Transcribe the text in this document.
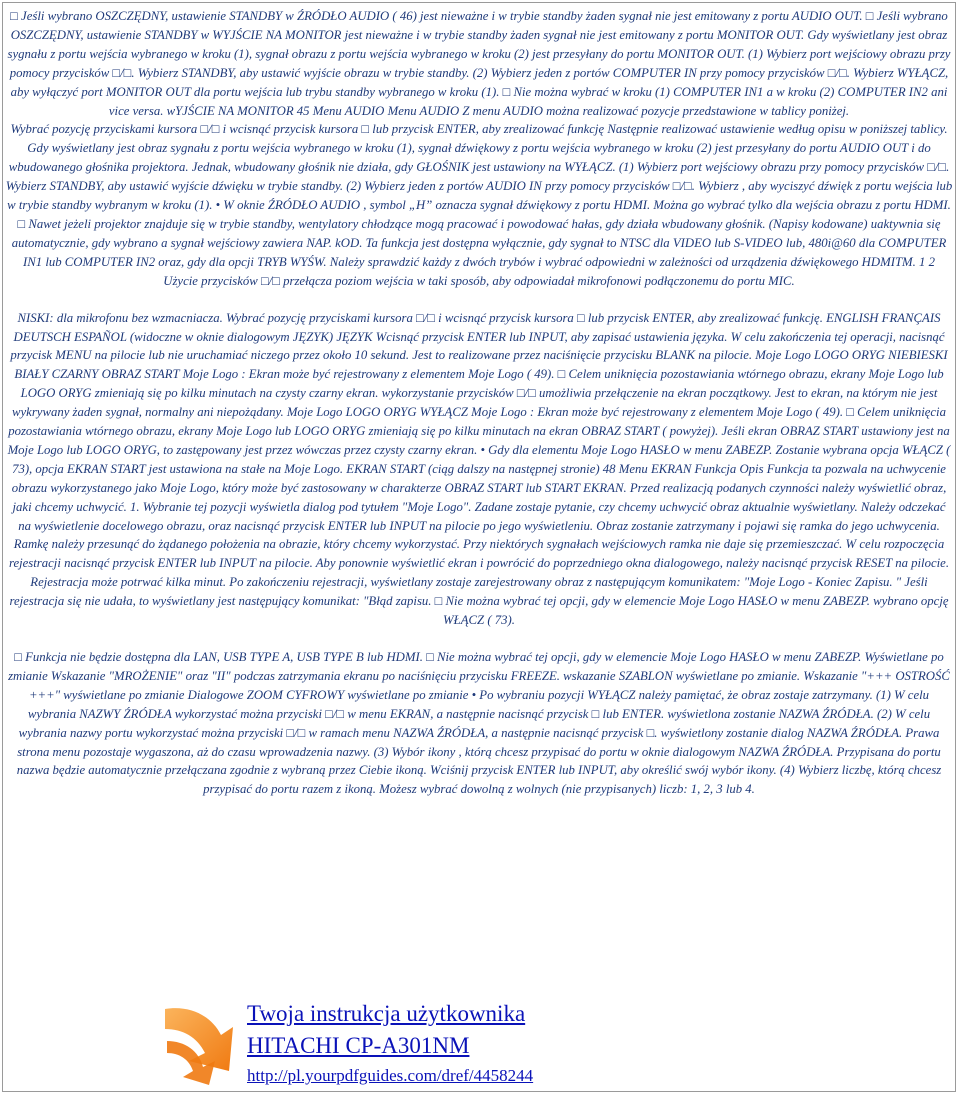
□ Jeśli wybrano OSZCZĘDNY, ustawienie STANDBY w ŹRÓDŁO AUDIO ( 46) jest nieważne i w trybie standby żaden sygnał nie jest emitowany z portu AUDIO OUT. □ Jeśli wybrano OSZCZĘDNY, ustawienie STANDBY w WYJŚCIE NA MONITOR jest nieważne i w trybie standby żaden sygnał nie jest emitowany z portu MONITOR OUT. Gdy wyświetlany jest obraz sygnału z portu wejścia wybranego w kroku (1), sygnał obrazu z portu wejścia wybranego w kroku (2) jest przesyłany do portu MONITOR OUT. (1) Wybierz port wejściowy obrazu przy pomocy przycisków □/□. Wybierz STANDBY, aby ustawić wyjście obrazu w trybie standby. (2) Wybierz jeden z portów COMPUTER IN przy pomocy przycisków □/□. Wybierz WYŁĄCZ, aby wyłączyć port MONITOR OUT dla portu wejścia lub trybu standby wybranego w kroku (1). □ Nie można wybrać w kroku (1) COMPUTER IN1 a w kroku (2) COMPUTER IN2 ani vice versa. wYJŚCIE NA MONITOR 45 Menu AUDIO Menu AUDIO Z menu AUDIO można realizować pozycje przedstawione w tablicy poniżej.

Wybrać pozycję przyciskami kursora □/□ i wcisnąć przycisk kursora □ lub przycisk ENTER, aby zrealizować funkcję Następnie realizować ustawienie według opisu w poniższej tablicy. Gdy wyświetlany jest obraz sygnału z portu wejścia wybranego w kroku (1), sygnał dźwiękowy z portu wejścia wybranego w kroku (2) jest przesyłany do portu AUDIO OUT i do wbudowanego głośnika projektora. Jednak, wbudowany głośnik nie działa, gdy GŁOŚNIK jest ustawiony na WYŁĄCZ. (1) Wybierz port wejściowy obrazu przy pomocy przycisków □/□. Wybierz STANDBY, aby ustawić wyjście dźwięku w trybie standby. (2) Wybierz jeden z portów AUDIO IN przy pomocy przycisków □/□. Wybierz , aby wyciszyć dźwięk z portu wejścia lub w trybie standby wybranym w kroku (1). • W oknie ŹRÓDŁO AUDIO , symbol „H” oznacza sygnał dźwiękowy z portu HDMI. Można go wybrać tylko dla wejścia obrazu z portu HDMI. □ Nawet jeżeli projektor znajduje się w trybie standby, wentylatory chłodzące mogą pracować i powodować hałas, gdy działa wbudowany głośnik. (Napisy kodowane) uaktywnia się automatycznie, gdy wybrano a sygnał wejściowy zawiera NAP. kOD. Ta funkcja jest dostępna wyłącznie, gdy sygnał to NTSC dla VIDEO lub S-VIDEO lub, 480i@60 dla COMPUTER IN1 lub COMPUTER IN2 oraz, gdy dla opcji TRYB WYŚW. Należy sprawdzić każdy z dwóch trybów i wybrać odpowiedni w zależności od urządzenia dźwiękowego HDMITM. 1 2 Użycie przycisków □/□ przełącza poziom wejścia w taki sposób, aby odpowiadał mikrofonowi podłączonemu do portu MIC.

NISKI: dla mikrofonu bez wzmacniacza. Wybrać pozycję przyciskami kursora □/□ i wcisnąć przycisk kursora □ lub przycisk ENTER, aby zrealizować funkcję. ENGLISH FRANÇAIS DEUTSCH ESPAÑOL (widoczne w oknie dialogowym JĘZYK) JĘZYK Wcisnąć przycisk ENTER lub INPUT, aby zapisać ustawienia języka. W celu zakończenia tej operacji, nacisnąć przycisk MENU na pilocie lub nie uruchamiać niczego przez około 10 sekund. Jest to realizowane przez naciśnięcie przycisku BLANK na pilocie. Moje Logo LOGO ORYG NIEBIESKI BIAŁY CZARNY OBRAZ START Moje Logo : Ekran może być rejestrowany z elementem Moje Logo ( 49). □ Celem uniknięcia pozostawiania wtórnego obrazu, ekrany Moje Logo lub LOGO ORYG zmieniają się po kilku minutach na czysty czarny ekran. wykorzystanie przycisków □/□ umożliwia przełączenie na ekran początkowy. Jest to ekran, na którym nie jest wykrywany żaden sygnał, normalny ani niepożądany. Moje Logo LOGO ORYG WYŁĄCZ Moje Logo : Ekran może być rejestrowany z elementem Moje Logo ( 49). □ Celem uniknięcia pozostawiania wtórnego obrazu, ekrany Moje Logo lub LOGO ORYG zmieniają się po kilku minutach na ekran OBRAZ START ( powyżej). Jeśli ekran OBRAZ START ustawiony jest na Moje Logo lub LOGO ORYG, to zastępowany jest przez wówczas przez czysty czarny ekran. • Gdy dla elementu Moje Logo HASŁO w menu ZABEZP. Zostanie wybrana opcja WŁĄCZ ( 73), opcja EKRAN START jest ustawiona na stałe na Moje Logo. EKRAN START (ciąg dalszy na następnej stronie) 48 Menu EKRAN Funkcja Opis Funkcja ta pozwala na uchwycenie obrazu wykorzystanego jako Moje Logo, który może być zastosowany w charakterze OBRAZ START lub START EKRAN. Przed realizacją podanych czynności należy wyświetlić obraz, jaki chcemy uchwycić. 1. Wybranie tej pozycji wyświetla dialog pod tytułem "Moje Logo". Zadane zostaje pytanie, czy chcemy uchwycić obraz aktualnie wyświetlany. Należy odczekać na wyświetlenie docelowego obrazu, oraz nacisnąć przycisk ENTER lub INPUT na pilocie po jego wyświetleniu. Obraz zostanie zatrzymany i pojawi się ramka do jego uchwycenia. Ramkę należy przesunąć do żądanego położenia na obrazie, który chcemy wykorzystać. Przy niektórych sygnałach wejściowych ramka nie daje się przemieszczać. W celu rozpoczęcia rejestracji nacisnąć przycisk ENTER lub INPUT na pilocie. Aby ponownie wyświetlić ekran i powrócić do poprzedniego okna dialogowego, należy nacisnąć przycisk RESET na pilocie. Rejestracja może potrwać kilka minut. Po zakończeniu rejestracji, wyświetlany zostaje zarejestrowany obraz z następującym komunikatem: "Moje Logo - Koniec Zapisu. " Jeśli rejestracja się nie udała, to wyświetlany jest następujący komunikat: "Błąd zapisu. □ Nie można wybrać tej opcji, gdy w elemencie Moje Logo HASŁO w menu ZABEZP. wybrano opcję WŁĄCZ ( 73).

□ Funkcja nie będzie dostępna dla LAN, USB TYPE A, USB TYPE B lub HDMI. □ Nie można wybrać tej opcji, gdy w elemencie Moje Logo HASŁO w menu ZABEZP. Wyświetlane po zmianie Wskazanie "MROŻENIE" oraz "II" podczas zatrzymania ekranu po naciśnięciu przycisku FREEZE. wskazanie SZABLON wyświetlane po zmianie. Wskazanie "+++ OSTROŚĆ +++" wyświetlane po zmianie Dialogowe ZOOM CYFROWY wyświetlane po zmianie • Po wybraniu pozycji WYŁĄCZ należy pamiętać, że obraz zostaje zatrzymany. (1) W celu wybrania NAZWY ŹRÓDŁA wykorzystać można przyciski □/□ w menu EKRAN, a następnie nacisnąć przycisk □ lub ENTER. wyświetlona zostanie NAZWA ŹRÓDŁA. (2) W celu wybrania nazwy portu wykorzystać można przyciski □/□ w ramach menu NAZWA ŹRÓDŁA, a następnie nacisnąć przycisk □. wyświetlony zostanie dialog NAZWA ŹRÓDŁA. Prawa strona menu pozostaje wygaszona, aż do czasu wprowadzenia nazwy. (3) Wybór ikony , którą chcesz przypisać do portu w oknie dialogowym NAZWA ŹRÓDŁA. Przypisana do portu nazwa będzie automatycznie przełączana zgodnie z wybraną przez Ciebie ikoną. Wciśnij przycisk ENTER lub INPUT, aby określić swój wybór ikony. (4) Wybierz liczbę, którą chcesz przypisać do portu razem z ikoną. Możesz wybrać dowolną z wolnych (nie przypisanych) liczb: 1, 2, 3 lub 4.

Twoja instrukcja użytkownika
HITACHI CP-A301NM
http://pl.yourpdfguides.com/dref/4458244
